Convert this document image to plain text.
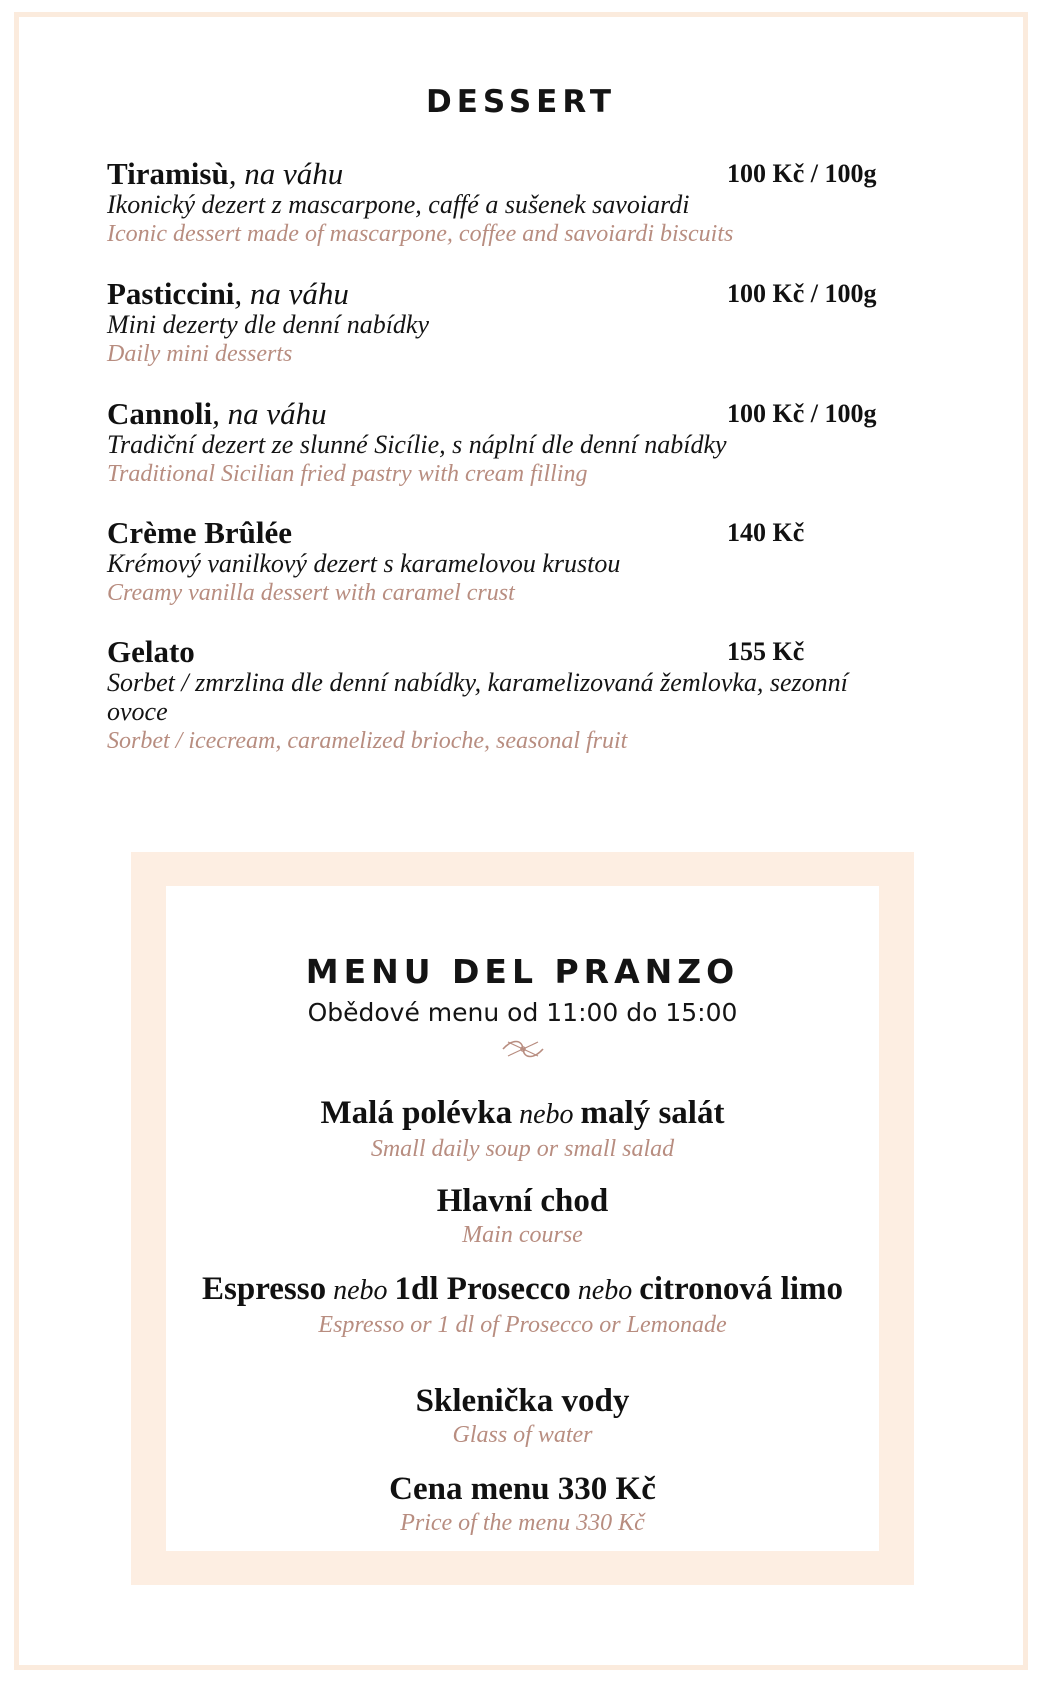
DESSERT
Tiramisù, na váhu	100 Kč / 100g
Ikonický dezert z mascarpone, caffé a sušenek savoiardi
Iconic dessert made of mascarpone, coffee and savoiardi biscuits
Pasticcini, na váhu	100 Kč / 100g
Mini dezerty dle denní nabídky
Daily mini desserts
Cannoli, na váhu	100 Kč / 100g
Tradiční dezert ze slunné Sicílie, s náplní dle denní nabídky
Traditional Sicilian fried pastry with cream filling
Crème Brûlée	140 Kč
Krémový vanilkový dezert s karamelovou krustou
Creamy vanilla dessert with caramel crust
Gelato	155 Kč
Sorbet / zmrzlina dle denní nabídky, karamelizovaná žemlovka, sezonní ovoce
Sorbet / icecream, caramelized brioche, seasonal fruit
MENU DEL PRANZO
Obědové menu od 11:00 do 15:00
Malá polévka nebo malý salát
Small daily soup or small salad
Hlavní chod
Main course
Espresso nebo 1dl Prosecco nebo citronová limo
Espresso or 1 dl of Prosecco or Lemonade
Sklenička vody
Glass of water
Cena menu 330 Kč
Price of the menu 330 Kč
